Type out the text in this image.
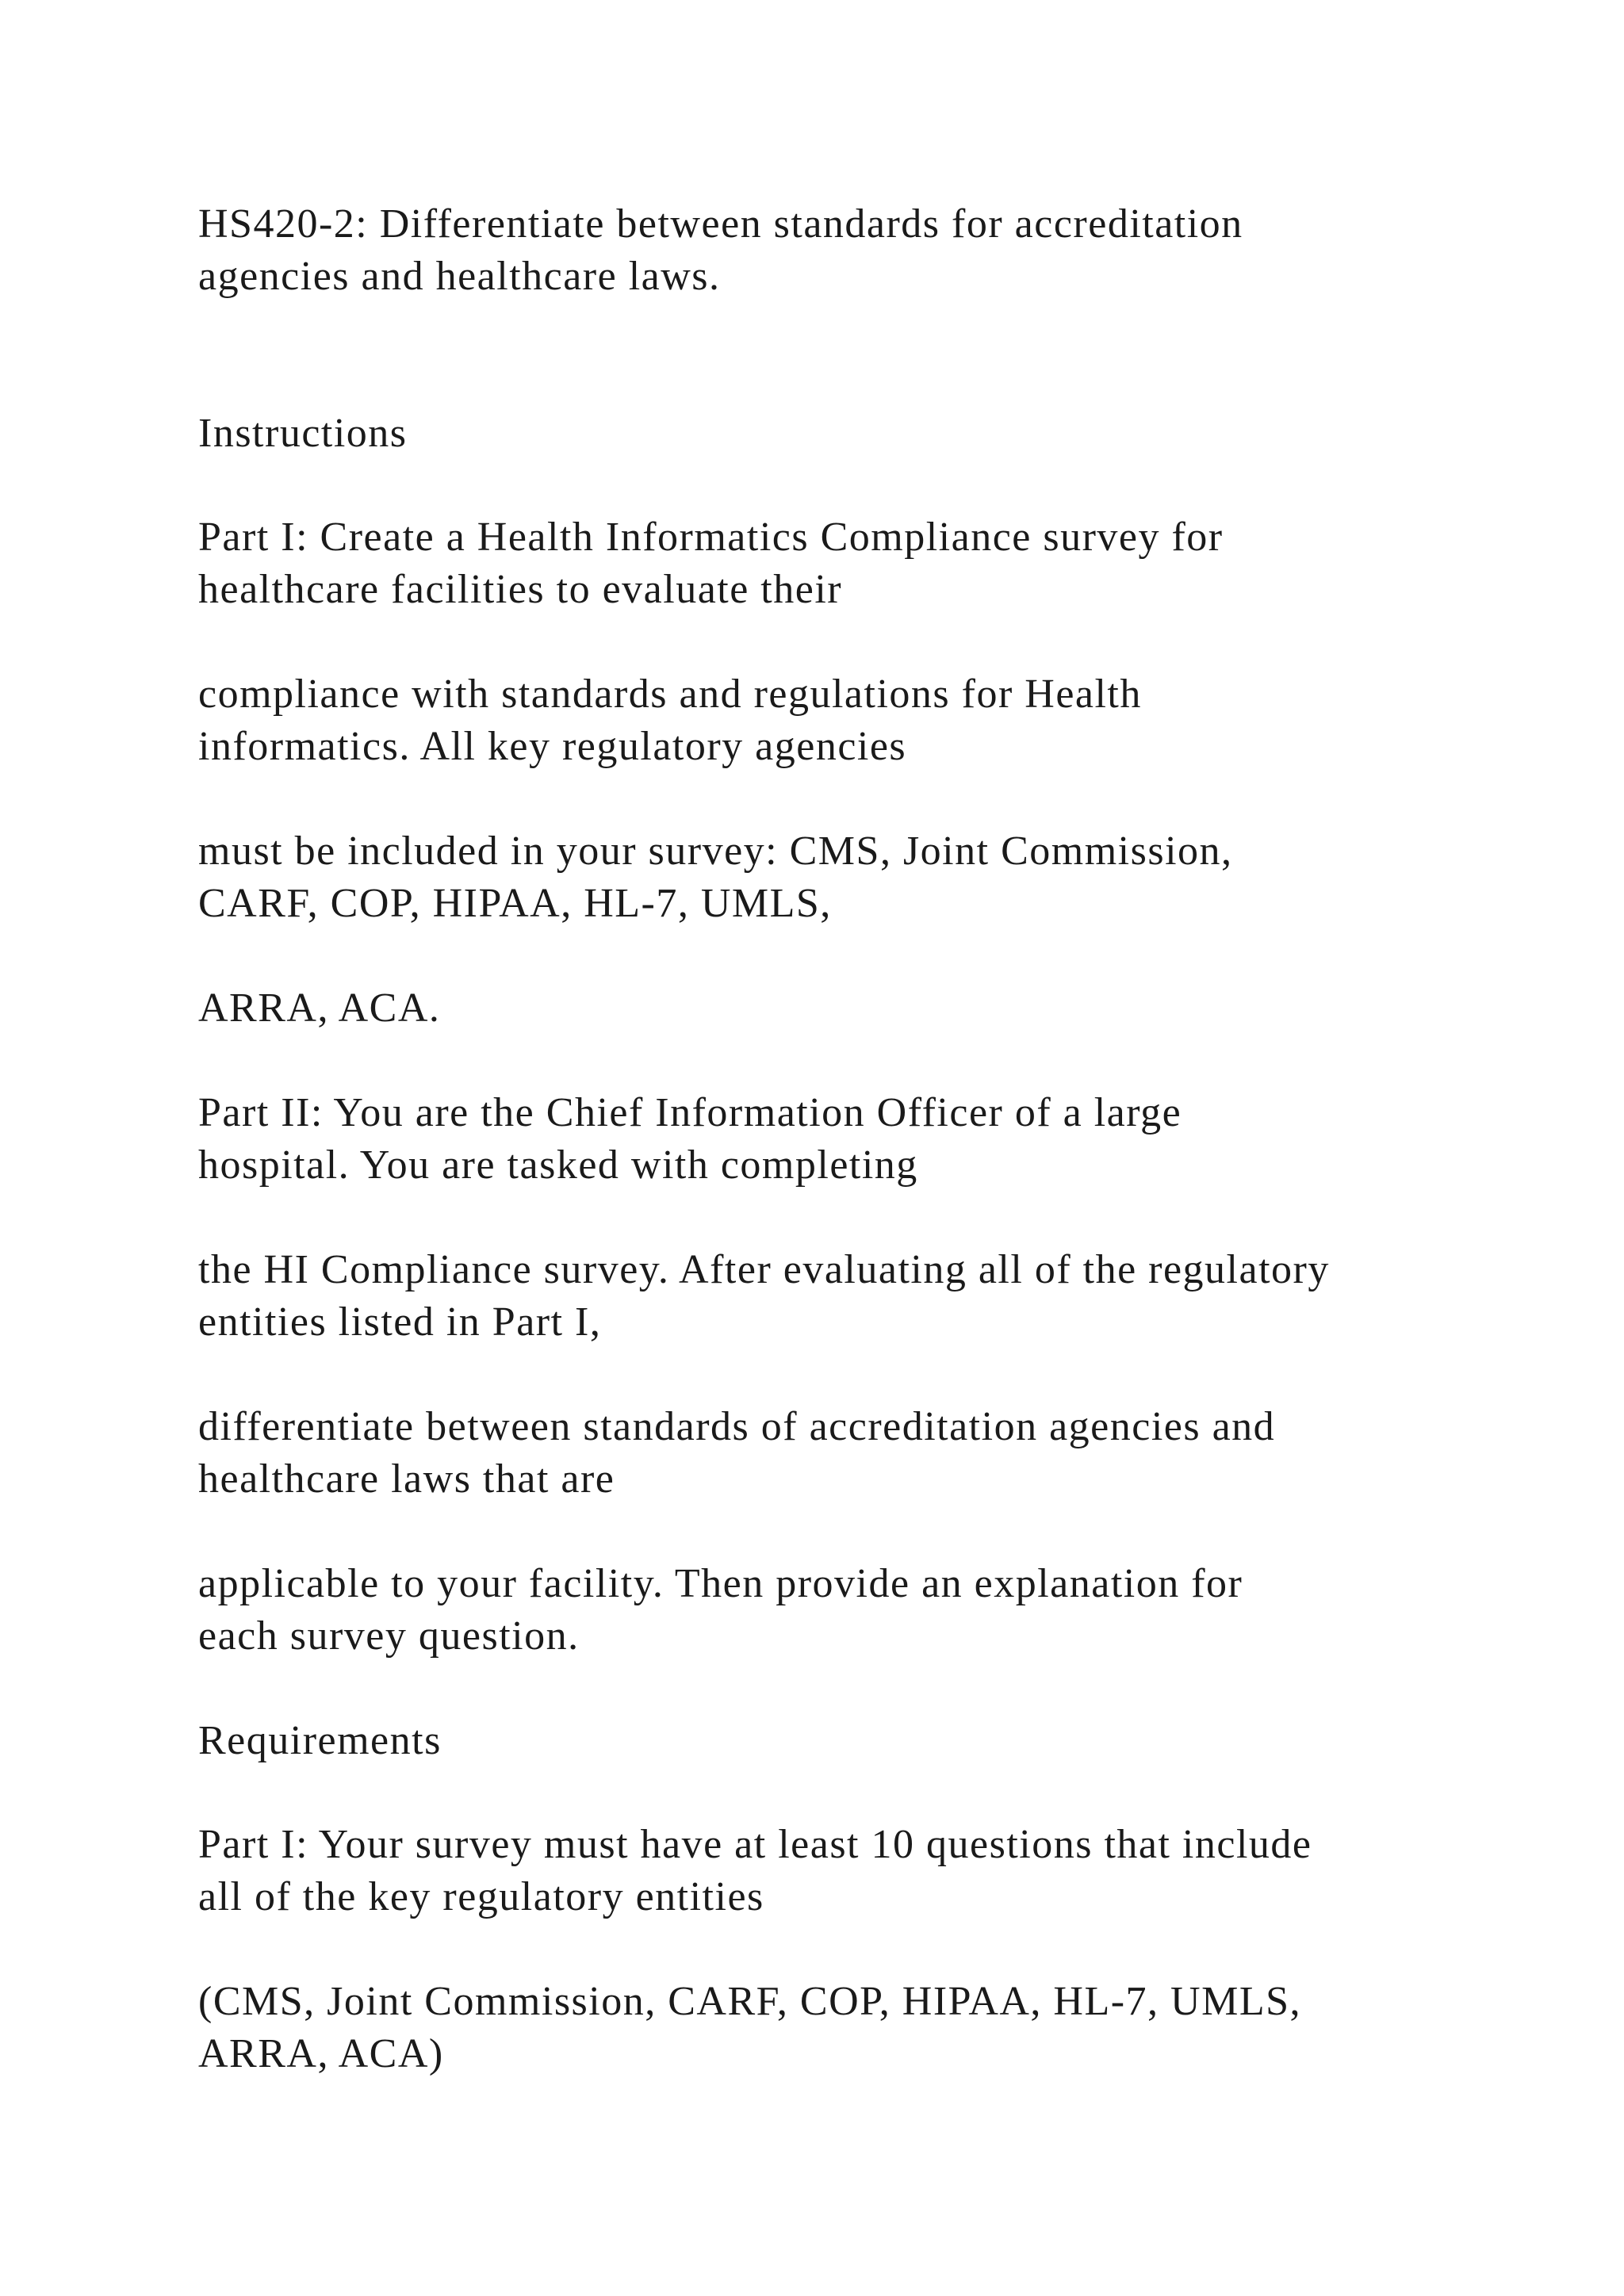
HS420-2: Differentiate between standards for accreditation
agencies and healthcare laws.

Instructions

Part I: Create a Health Informatics Compliance survey for
healthcare facilities to evaluate their

compliance with standards and regulations for Health
informatics. All key regulatory agencies

must be included in your survey: CMS, Joint Commission,
CARF, COP, HIPAA, HL-7, UMLS,

ARRA, ACA.

Part II: You are the Chief Information Officer of a large
hospital. You are tasked with completing

the HI Compliance survey. After evaluating all of the regulatory
entities listed in Part I,

differentiate between standards of accreditation agencies and
healthcare laws that are

applicable to your facility. Then provide an explanation for
each survey question.

Requirements

Part I: Your survey must have at least 10 questions that include
all of the key regulatory entities

(CMS, Joint Commission, CARF, COP, HIPAA, HL-7, UMLS,
ARRA, ACA)
